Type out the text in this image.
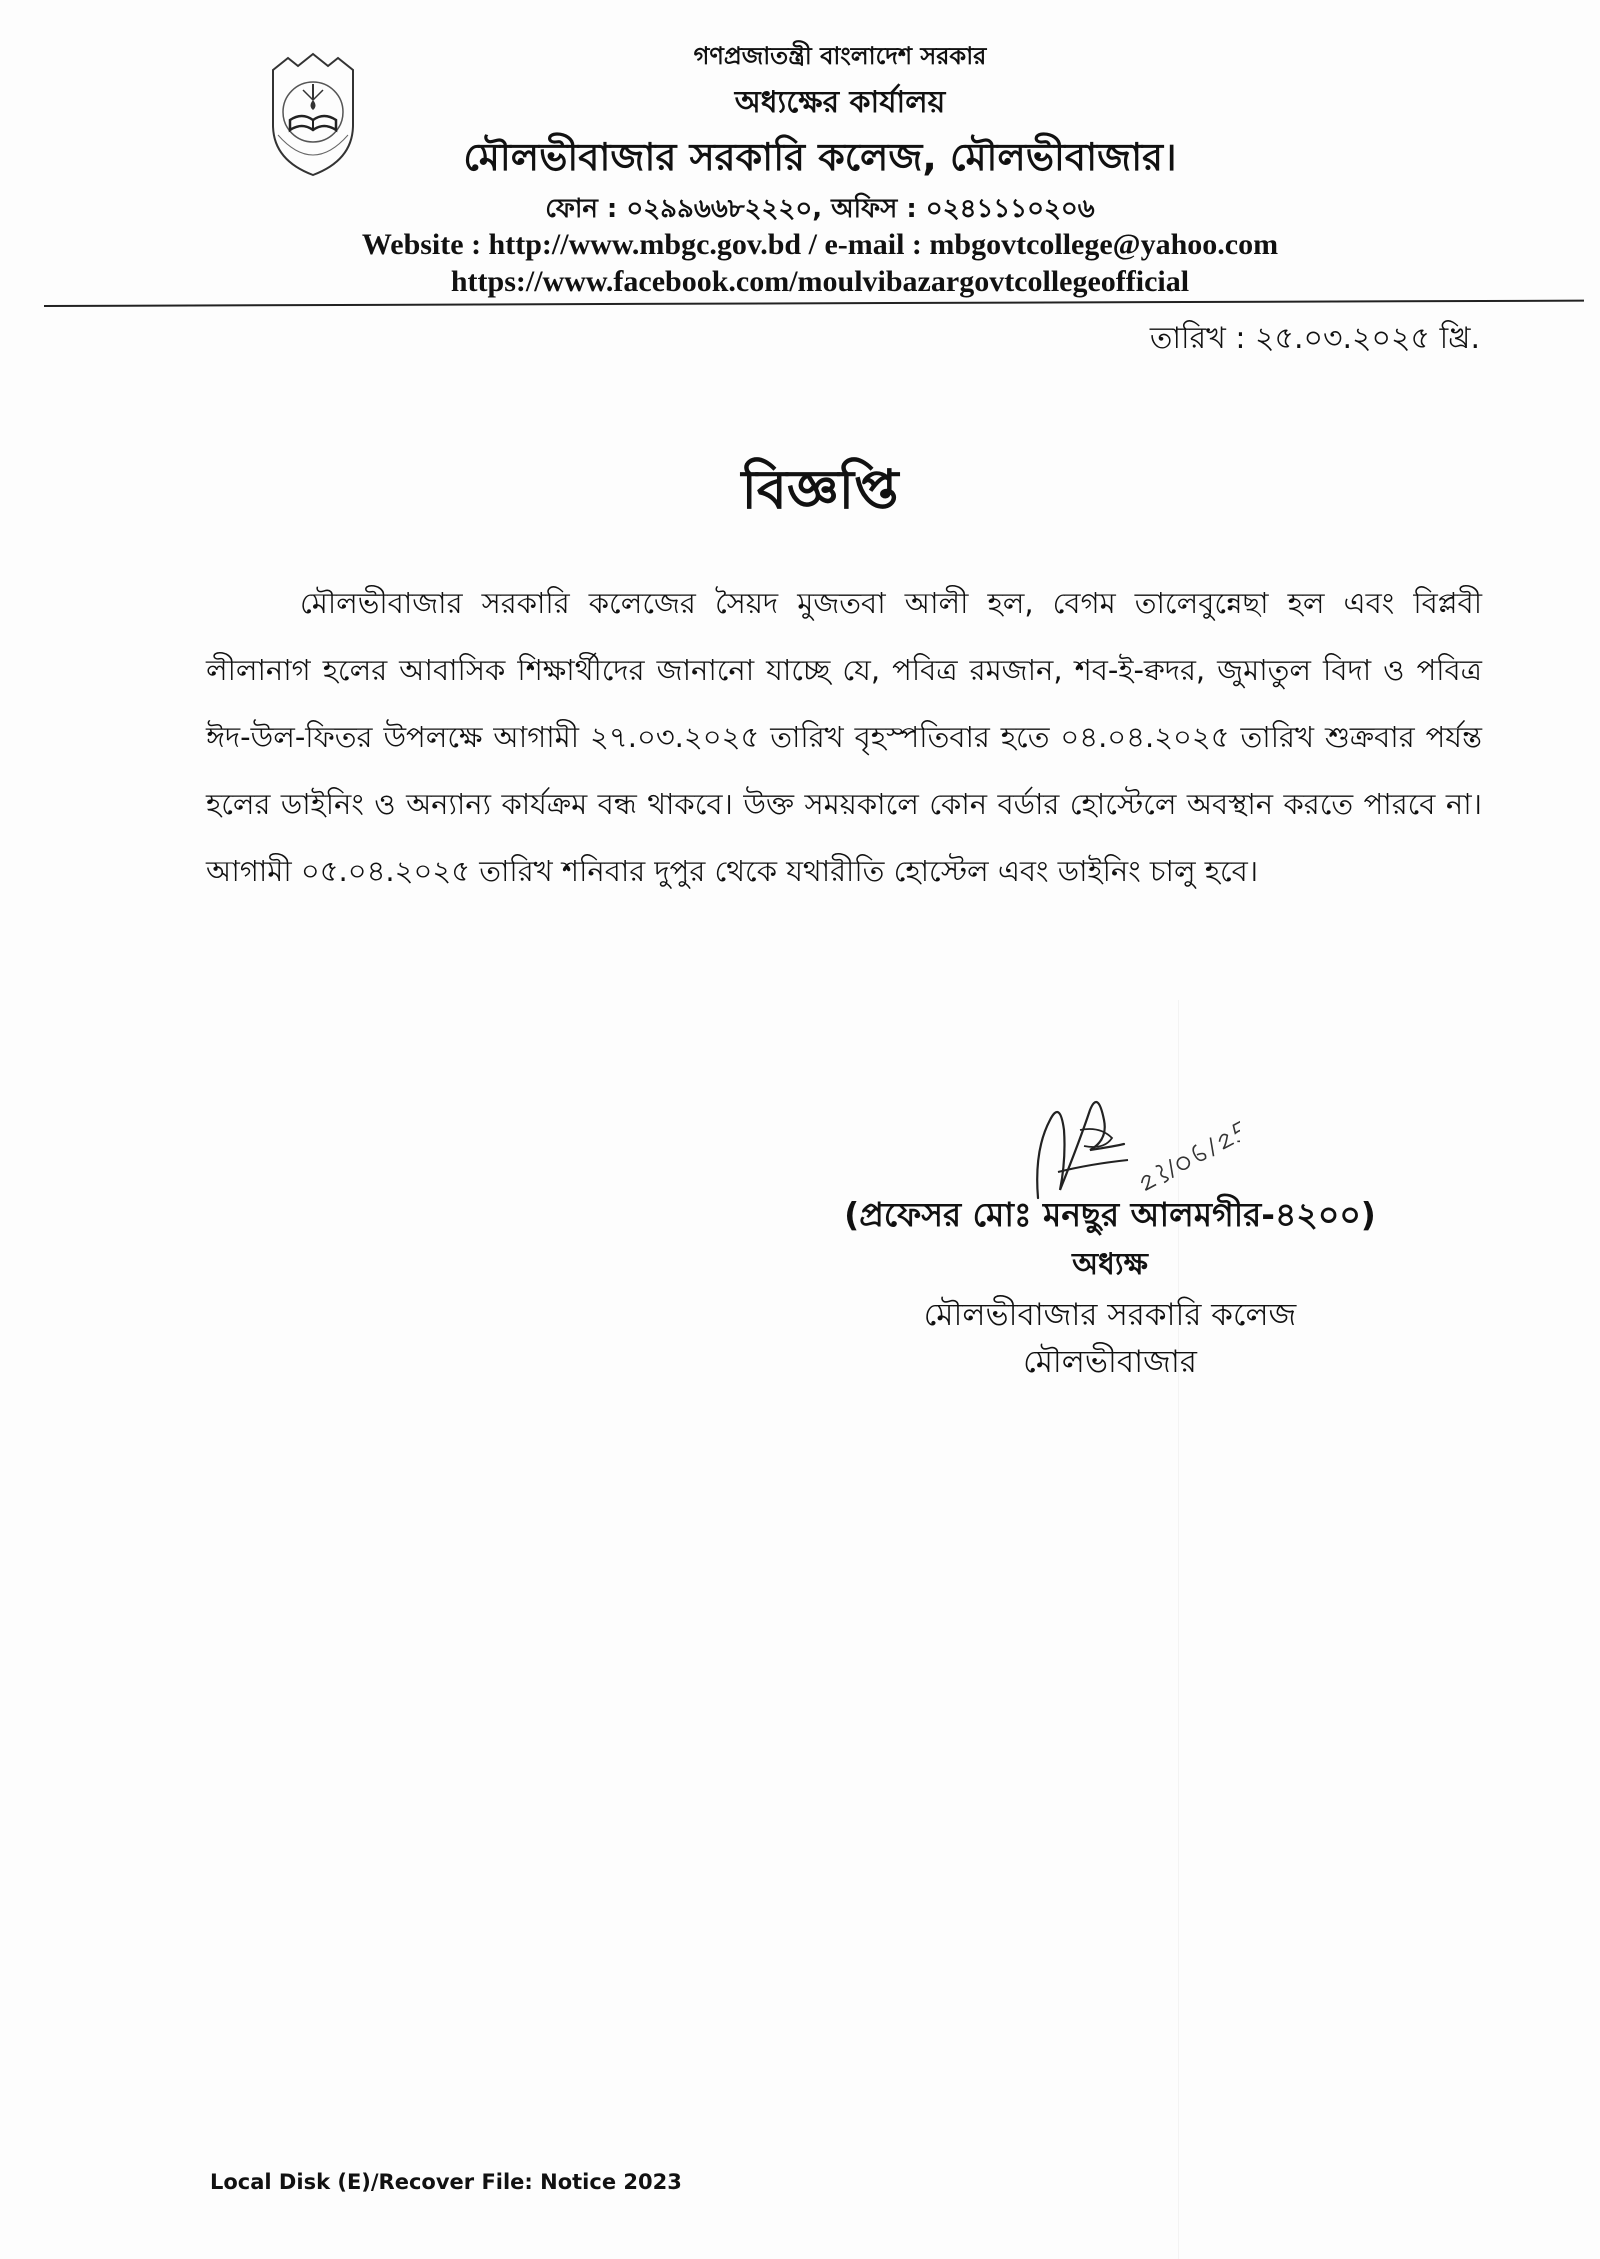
গণপ্রজাতন্ত্রী বাংলাদেশ সরকার
অধ্যক্ষের কার্যালয়
মৌলভীবাজার সরকারি কলেজ, মৌলভীবাজার।
ফোন : ০২৯৯৬৬৮২২২০, অফিস : ০২৪১১১০২০৬
Website : http://www.mbgc.gov.bd / e-mail : mbgovtcollege@yahoo.com
https://www.facebook.com/moulvibazargovtcollegeofficial
তারিখ : ২৫.০৩.২০২৫ খ্রি.
বিজ্ঞপ্তি
মৌলভীবাজার সরকারি কলেজের সৈয়দ মুজতবা আলী হল, বেগম তালেবুন্নেছা হল এবং বিপ্লবী লীলানাগ হলের আবাসিক শিক্ষার্থীদের জানানো যাচ্ছে যে, পবিত্র রমজান, শব-ই-ক্বদর, জুমাতুল বিদা ও পবিত্র ঈদ-উল-ফিতর উপলক্ষে আগামী ২৭.০৩.২০২৫ তারিখ বৃহস্পতিবার হতে ০৪.০৪.২০২৫ তারিখ শুক্রবার পর্যন্ত হলের ডাইনিং ও অন্যান্য কার্যক্রম বন্ধ থাকবে। উক্ত সময়কালে কোন বর্ডার হোস্টেলে অবস্থান করতে পারবে না। আগামী ০৫.০৪.২০২৫ তারিখ শনিবার দুপুর থেকে যথারীতি হোস্টেল এবং ডাইনিং চালু হবে।
(প্রফেসর মোঃ মনছুর আলমগীর-৪২০০)
অধ্যক্ষ
মৌলভীবাজার সরকারি কলেজ
মৌলভীবাজার
Local Disk (E)/Recover File: Notice 2023
